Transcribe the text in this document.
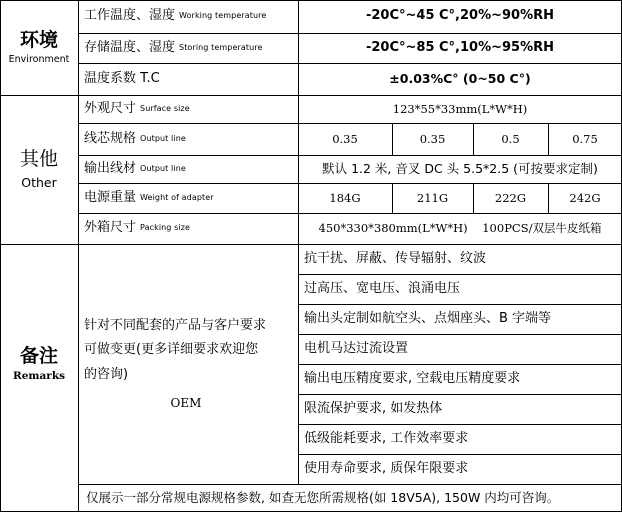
环境
Environment
工作温度、湿度 Working temperature	-20C°~45 C°,20%~90%RH
存储温度、湿度 Storing temperature	-20C°~85 C°,10%~95%RH
温度系数 T.C	±0.03%C° (0~50 C°)
其他
Other
外观尺寸 Surface size	123*55*33mm(L*W*H)
线芯规格 Output line	0.35	0.35	0.5	0.75
输出线材 Output line	默认 1.2 米, 音叉 DC 头 5.5*2.5 (可按要求定制)
电源重量 Weight of adapter	184G	211G	222G	242G
外箱尺寸 Packing size	450*330*380mm(L*W*H)    100PCS/双层牛皮纸箱
备注
Remarks
针对不同配套的产品与客户要求
可做变更(更多详细要求欢迎您
的咨询)
OEM
抗干扰、屏蔽、传导辐射、纹波
过高压、宽电压、浪涌电压
输出头定制如航空头、点烟座头、B 字端等
电机马达过流设置
输出电压精度要求, 空载电压精度要求
限流保护要求, 如发热体
低级能耗要求, 工作效率要求
使用寿命要求, 质保年限要求
仅展示一部分常规电源规格参数, 如查无您所需规格(如 18V5A), 150W 内均可咨询。
